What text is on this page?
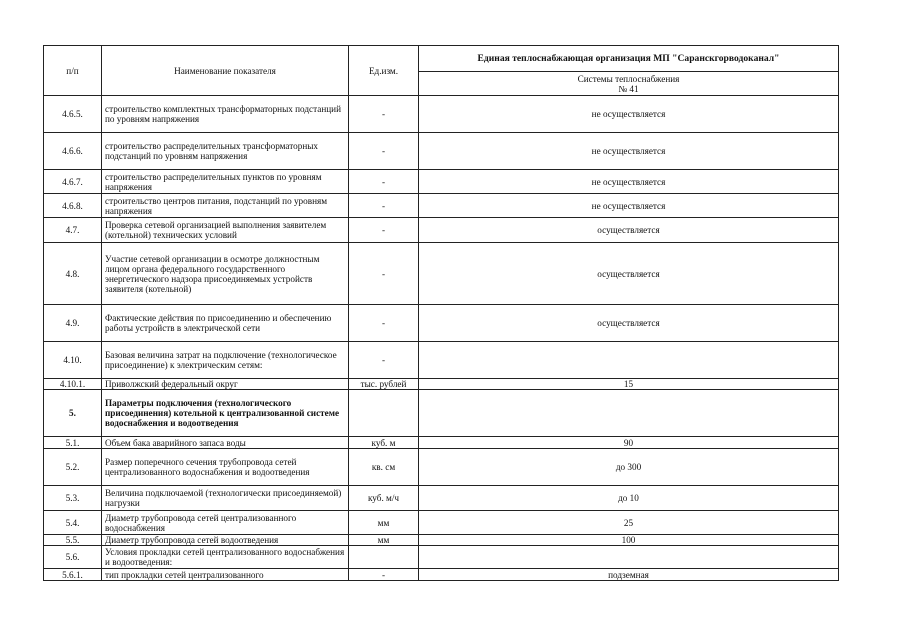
п/п	Наименование показателя	Ед.изм.	Единая теплоснабжающая организация МП "Саранскгорводоканал"

			Системы теплоснабжения
№ 41

4.6.5.	строительство комплектных трансформаторных подстанций по уровням напряжения	-	не осуществляется
4.6.6.	строительство распределительных трансформаторных подстанций по уровням напряжения	-	не осуществляется
4.6.7.	строительство распределительных пунктов по уровням напряжения	-	не осуществляется
4.6.8.	строительство центров питания, подстанций по уровням напряжения	-	не осуществляется
4.7.	Проверка сетевой организацией выполнения заявителем (котельной) технических условий	-	осуществляется
4.8.	Участие сетевой организации в осмотре должностным лицом органа федерального государственного энергетического надзора присоединяемых устройств заявителя (котельной)	-	осуществляется
4.9.	Фактические действия по присоединению и обеспечению работы устройств в электрической сети	-	осуществляется
4.10.	Базовая величина затрат на подключение (технологическое присоединение) к электрическим сетям:	-	
4.10.1.	Приволжский федеральный округ	тыс. рублей	15
5.	Параметры подключения (технологического присоединения) котельной к централизованной системе водоснабжения и водоотведения		
5.1.	Объем бака аварийного запаса воды	куб. м	90
5.2.	Размер поперечного сечения трубопровода сетей централизованного водоснабжения и водоотведения	кв. см	до 300
5.3.	Величина подключаемой (технологически присоединяемой) нагрузки	куб. м/ч	до 10
5.4.	Диаметр трубопровода сетей централизованного водоснабжения	мм	25
5.5.	Диаметр трубопровода сетей водоотведения	мм	100
5.6.	Условия прокладки сетей централизованного водоснабжения и водоотведения:		
5.6.1.	тип прокладки сетей централизованного	-	подземная
